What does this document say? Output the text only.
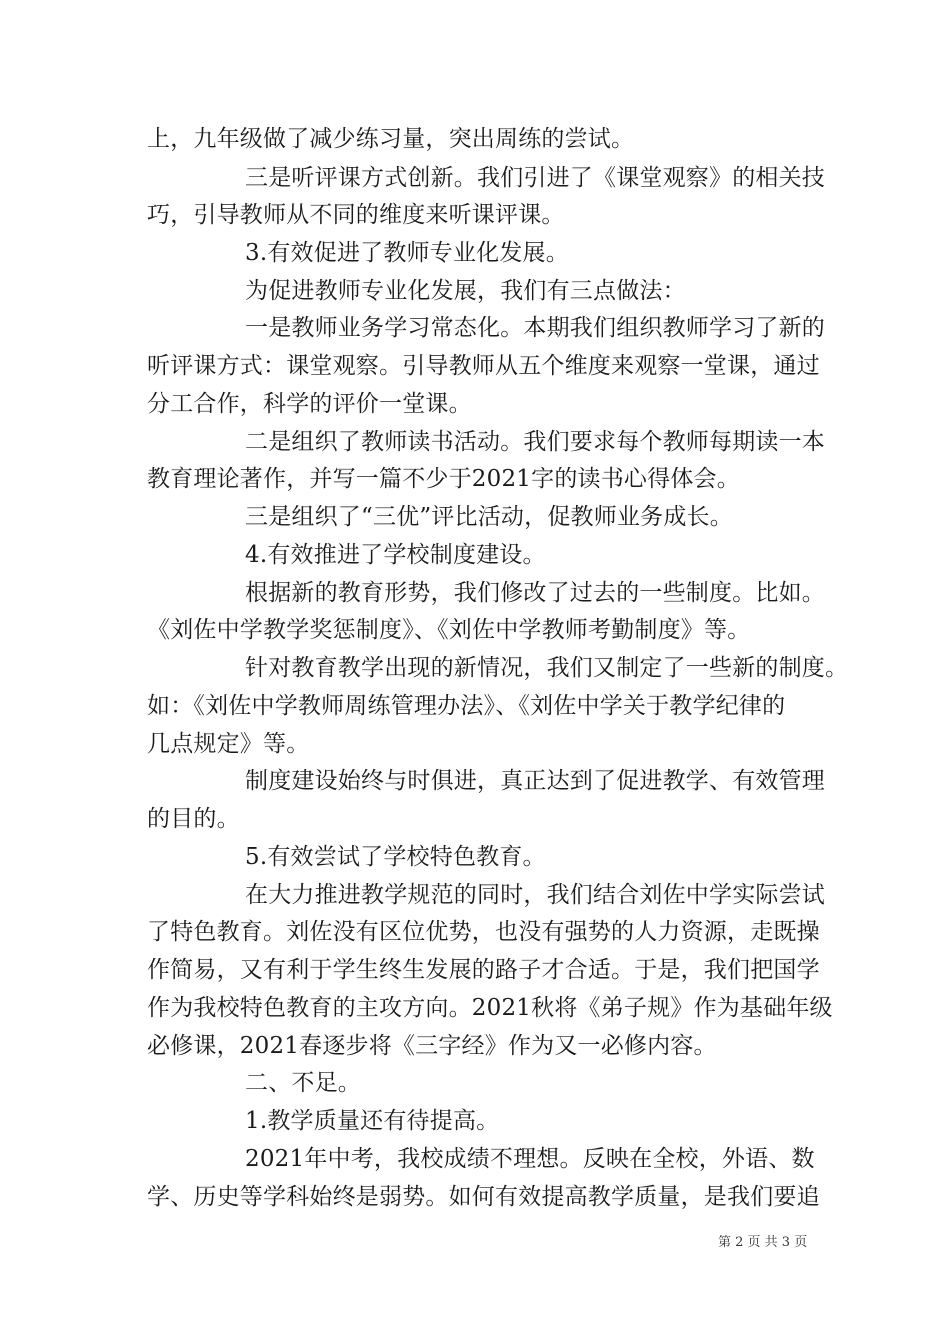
上，九年级做了减少练习量，突出周练的尝试。
三是听评课方式创新。我们引进了《课堂观察》的相关技
巧，引导教师从不同的维度来听课评课。
3.有效促进了教师专业化发展。
为促进教师专业化发展，我们有三点做法：
一是教师业务学习常态化。本期我们组织教师学习了新的
听评课方式：课堂观察。引导教师从五个维度来观察一堂课，通过
分工合作，科学的评价一堂课。
二是组织了教师读书活动。我们要求每个教师每期读一本
教育理论著作，并写一篇不少于2021字的读书心得体会。
三是组织了“三优”评比活动，促教师业务成长。
4.有效推进了学校制度建设。
根据新的教育形势，我们修改了过去的一些制度。比如。
《刘佐中学教学奖惩制度》、《刘佐中学教师考勤制度》等。
针对教育教学出现的新情况，我们又制定了一些新的制度。
如：《刘佐中学教师周练管理办法》、《刘佐中学关于教学纪律的
几点规定》等。
制度建设始终与时俱进，真正达到了促进教学、有效管理
的目的。
5.有效尝试了学校特色教育。
在大力推进教学规范的同时，我们结合刘佐中学实际尝试
了特色教育。刘佐没有区位优势，也没有强势的人力资源，走既操
作简易，又有利于学生终生发展的路子才合适。于是，我们把国学
作为我校特色教育的主攻方向。2021秋将《弟子规》作为基础年级
必修课，2021春逐步将《三字经》作为又一必修内容。
二、不足。
1.教学质量还有待提高。
2021年中考，我校成绩不理想。反映在全校，外语、数
学、历史等学科始终是弱势。如何有效提高教学质量，是我们要追
第 2 页 共 3 页
